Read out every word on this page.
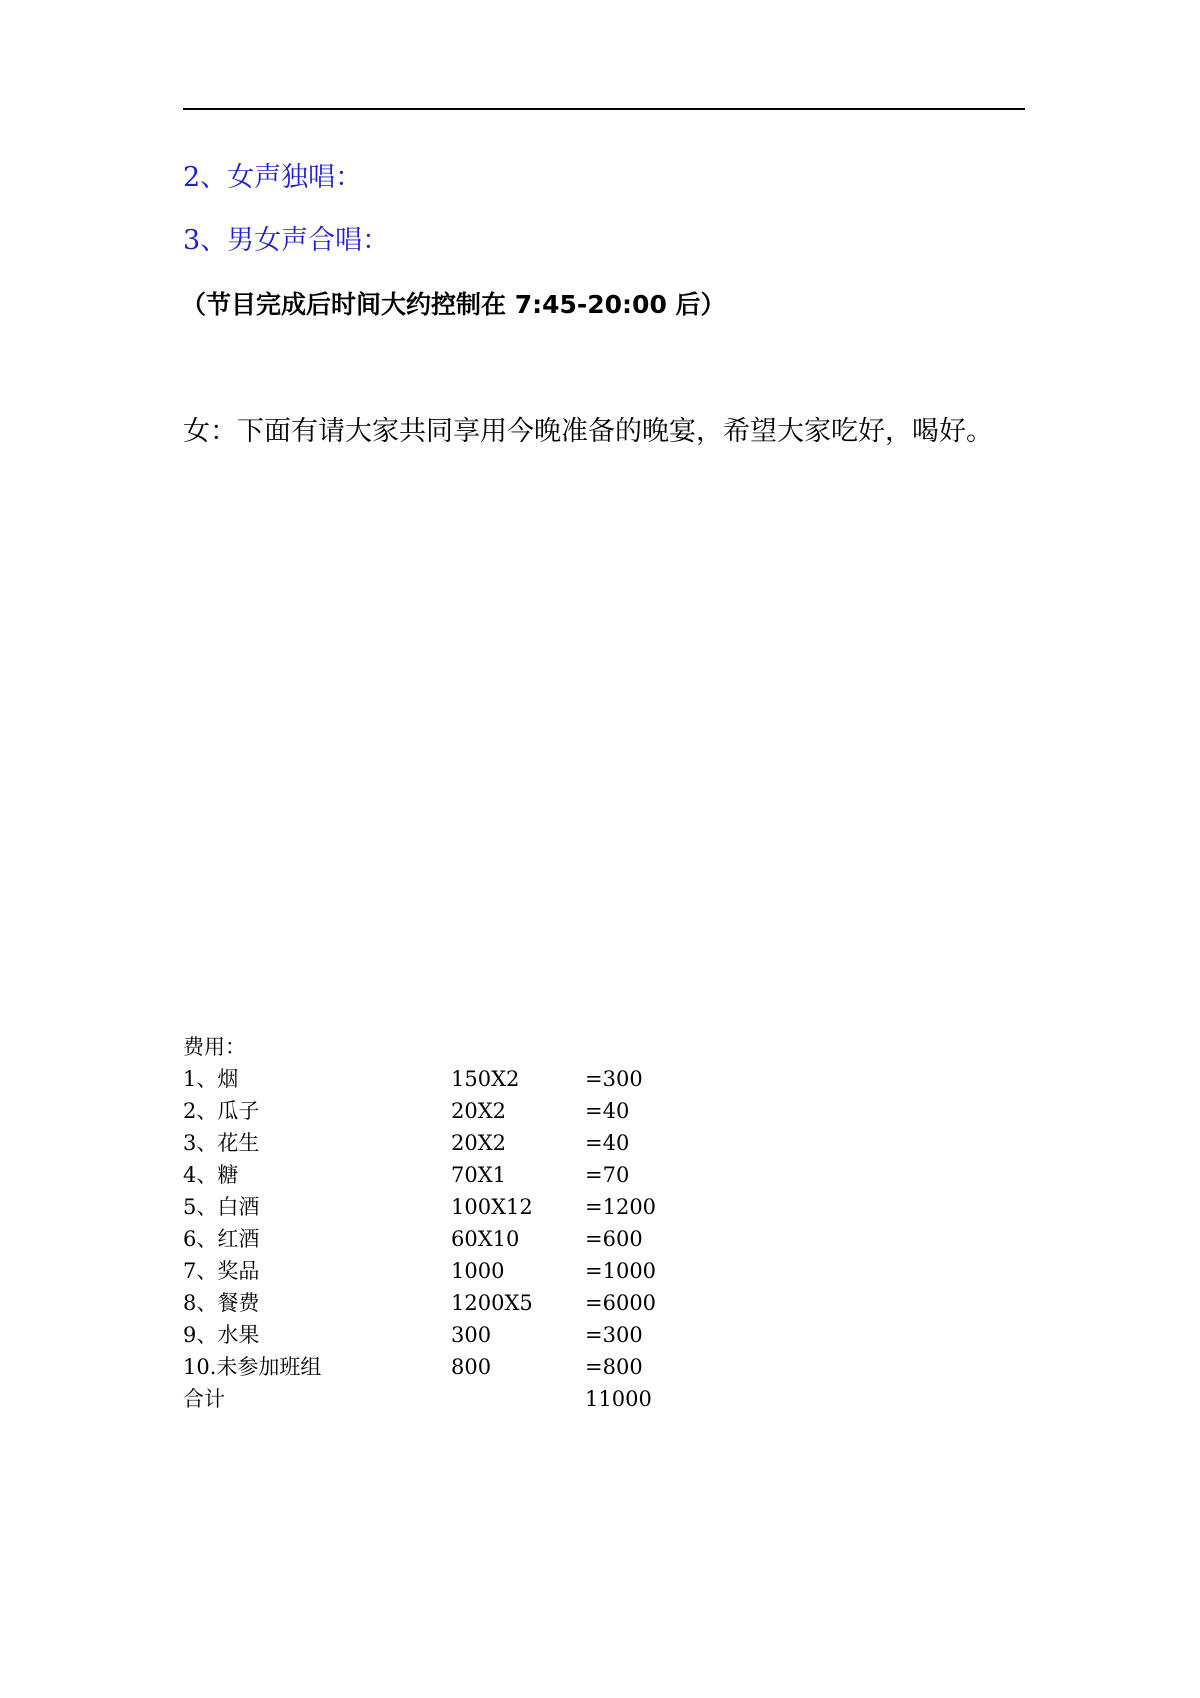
2、女声独唱：
3、男女声合唱：
（节目完成后时间大约控制在 7:45-20:00 后）
女：下面有请大家共同享用今晚准备的晚宴，希望大家吃好，喝好。
费用：
1、烟	150X2	=300
2、瓜子	20X2	=40
3、花生	20X2	=40
4、糖	70X1	=70
5、白酒	100X12 =1200
6、红酒	60X10	=600
7、奖品	1000	=1000
8、餐费	1200X5 =6000
9、水果	300	=300
10.未参加班组	800	=800
合计	11000
